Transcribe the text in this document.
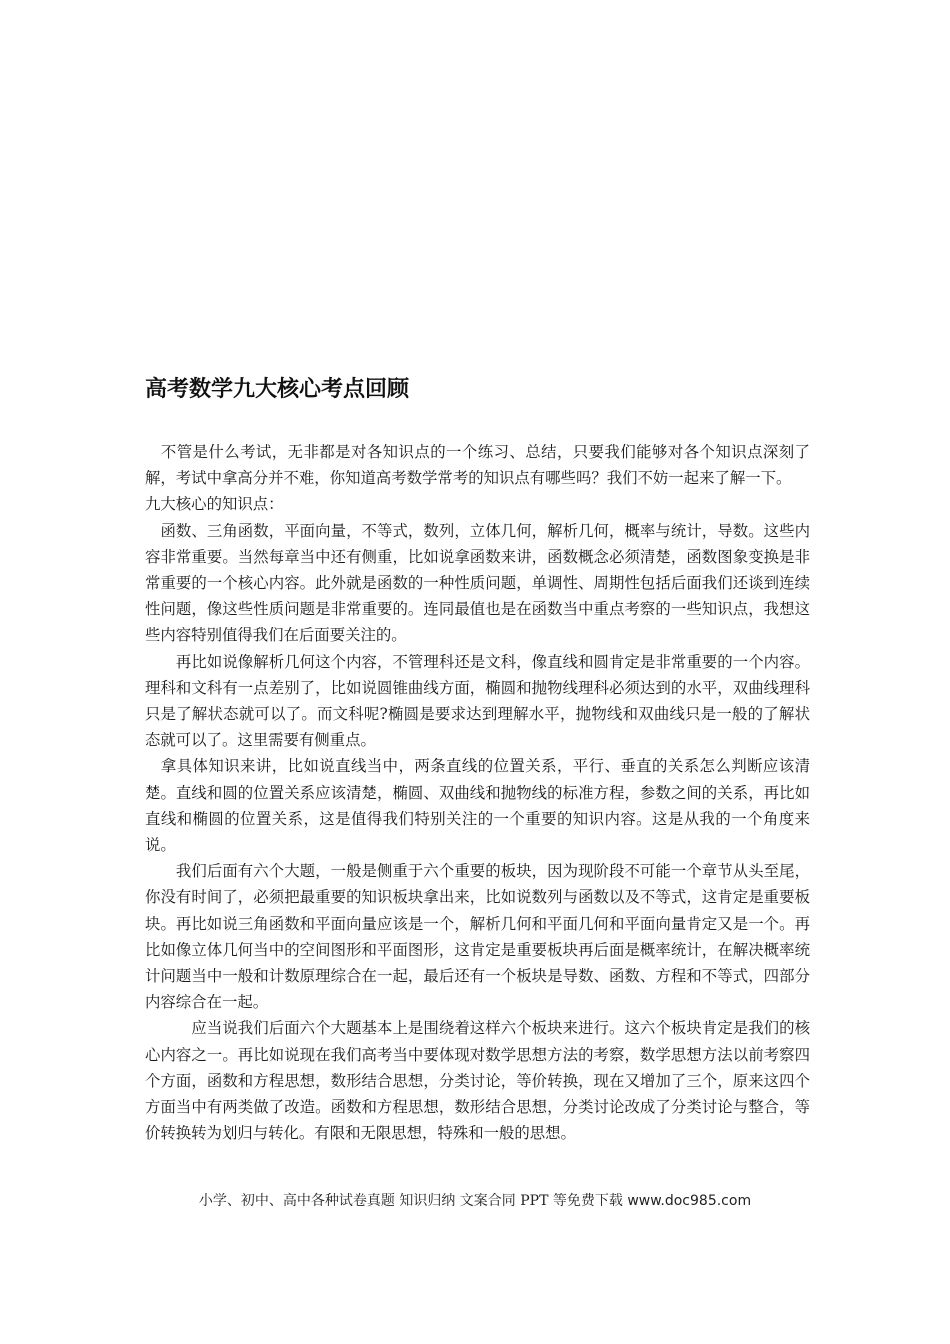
高考数学九大核心考点回顾

　不管是什么考试，无非都是对各知识点的一个练习、总结，只要我们能够对各个知识点深刻了解，考试中拿高分并不难，你知道高考数学常考的知识点有哪些吗？我们不妨一起来了解一下。

九大核心的知识点：

　函数、三角函数，平面向量，不等式，数列，立体几何，解析几何，概率与统计，导数。这些内容非常重要。当然每章当中还有侧重，比如说拿函数来讲，函数概念必须清楚，函数图象变换是非常重要的一个核心内容。此外就是函数的一种性质问题，单调性、周期性包括后面我们还谈到连续性问题，像这些性质问题是非常重要的。连同最值也是在函数当中重点考察的一些知识点，我想这些内容特别值得我们在后面要关注的。

　　再比如说像解析几何这个内容，不管理科还是文科，像直线和圆肯定是非常重要的一个内容。理科和文科有一点差别了，比如说圆锥曲线方面，椭圆和抛物线理科必须达到的水平，双曲线理科只是了解状态就可以了。而文科呢?椭圆是要求达到理解水平，抛物线和双曲线只是一般的了解状态就可以了。这里需要有侧重点。

　拿具体知识来讲，比如说直线当中，两条直线的位置关系，平行、垂直的关系怎么判断应该清楚。直线和圆的位置关系应该清楚，椭圆、双曲线和抛物线的标准方程，参数之间的关系，再比如直线和椭圆的位置关系，这是值得我们特别关注的一个重要的知识内容。这是从我的一个角度来说。

　　我们后面有六个大题，一般是侧重于六个重要的板块，因为现阶段不可能一个章节从头至尾，你没有时间了，必须把最重要的知识板块拿出来，比如说数列与函数以及不等式，这肯定是重要板块。再比如说三角函数和平面向量应该是一个，解析几何和平面几何和平面向量肯定又是一个。再比如像立体几何当中的空间图形和平面图形，这肯定是重要板块再后面是概率统计，在解决概率统计问题当中一般和计数原理综合在一起，最后还有一个板块是导数、函数、方程和不等式，四部分内容综合在一起。

　　　应当说我们后面六个大题基本上是围绕着这样六个板块来进行。这六个板块肯定是我们的核心内容之一。再比如说现在我们高考当中要体现对数学思想方法的考察，数学思想方法以前考察四个方面，函数和方程思想，数形结合思想，分类讨论，等价转换，现在又增加了三个，原来这四个方面当中有两类做了改造。函数和方程思想，数形结合思想，分类讨论改成了分类讨论与整合，等价转换转为划归与转化。有限和无限思想，特殊和一般的思想。

小学、初中、高中各种试卷真题 知识归纳 文案合同 PPT 等免费下载 www.doc985.com
